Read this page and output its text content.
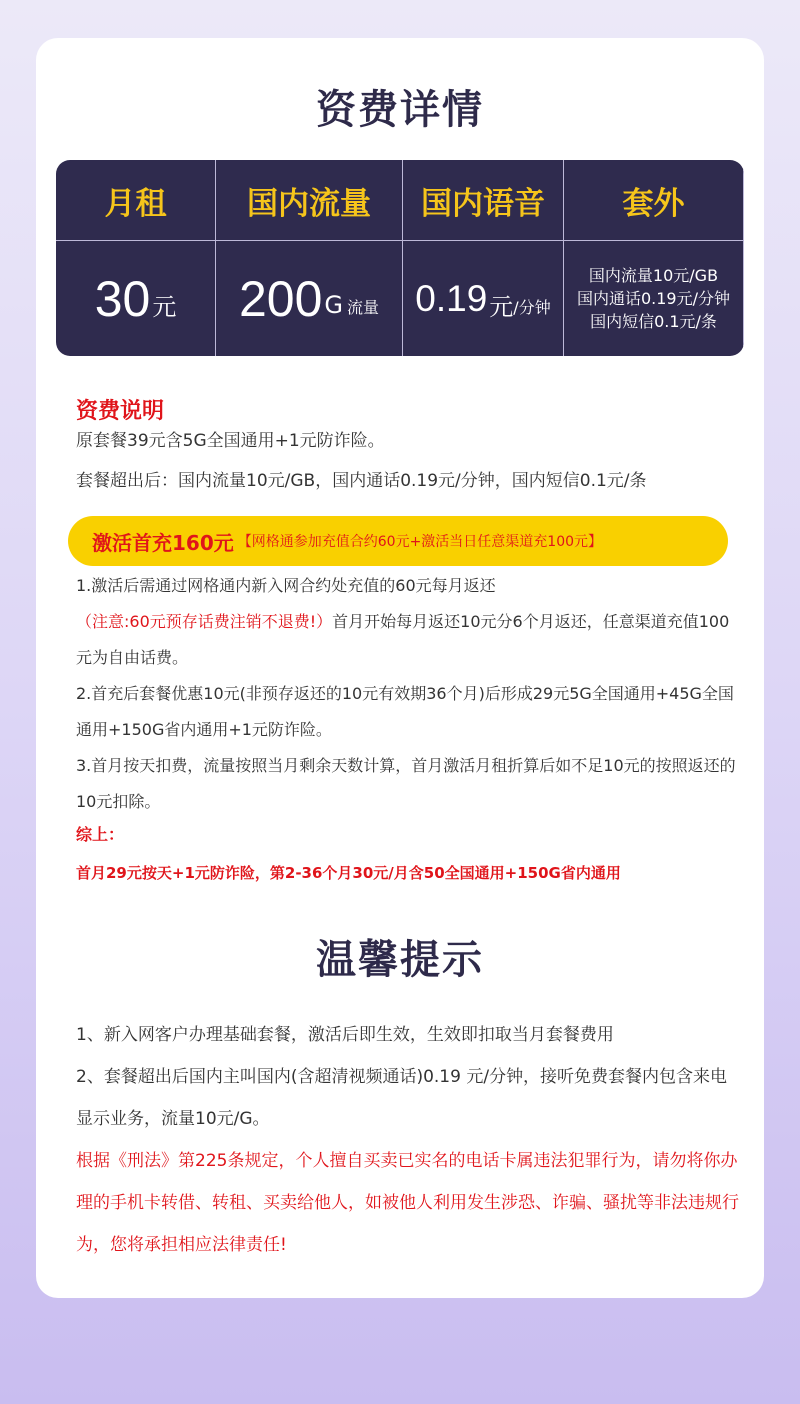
资费详情
月租
30 元
国内流量
200 G 流量
国内语音
0.19 元 /分钟
套外
国内流量10元/GB
国内通话0.19元/分钟
国内短信0.1元/条
资费说明
原套餐39元含5G全国通用+1元防诈险。
套餐超出后：国内流量10元/GB，国内通话0.19元/分钟，国内短信0.1元/条
激活首充160元 【网格通参加充值合约60元+激活当日任意渠道充100元】
1.激活后需通过网格通内新入网合约处充值的60元每月返还（注意:60元预存话费注销不退费!）首月开始每月返还10元分6个月返还，任意渠道充值100元为自由话费。
2.首充后套餐优惠10元(非预存返还的10元有效期36个月)后形成29元5G全国通用+45G全国通用+150G省内通用+1元防诈险。
3.首月按天扣费，流量按照当月剩余天数计算，首月激活月租折算后如不足10元的按照返还的10元扣除。
综上：
首月29元按天+1元防诈险，第2-36个月30元/月含50全国通用+150G省内通用
温馨提示
1、新入网客户办理基础套餐，激活后即生效，生效即扣取当月套餐费用
2、套餐超出后国内主叫国内(含超清视频通话)0.19 元/分钟，接听免费套餐内包含来电显示业务，流量10元/G。
根据《刑法》第225条规定，个人擅自买卖已实名的电话卡属违法犯罪行为，请勿将你办理的手机卡转借、转租、买卖给他人，如被他人利用发生涉恐、诈骗、骚扰等非法违规行为，您将承担相应法律责任!
